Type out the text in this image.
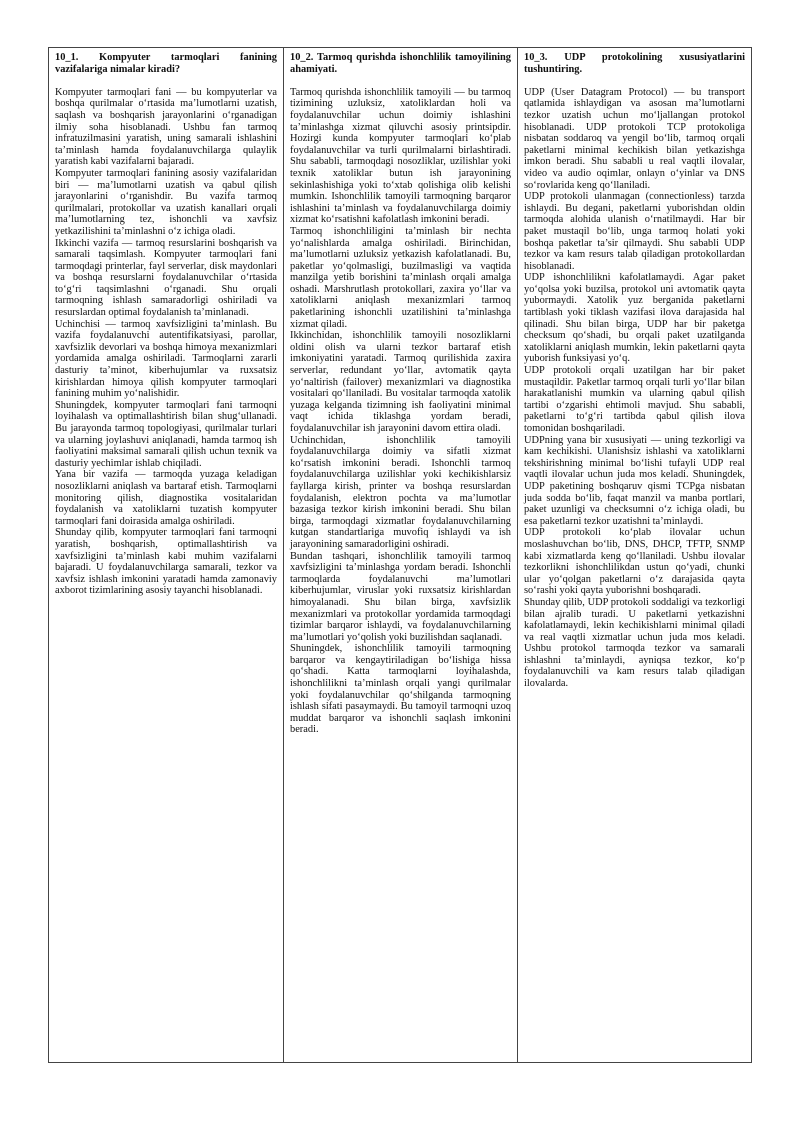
10_1. Kompyuter tarmoqlari fanining vazifalariga nimalar kiradi?

Kompyuter tarmoqlari fani — bu kompyuterlar va boshqa qurilmalar o‘rtasida ma’lumotlarni uzatish, saqlash va boshqarish jarayonlarini o‘rganadigan ilmiy soha hisoblanadi. Ushbu fan tarmoq infratuzilmasini yaratish, uning samarali ishlashini ta’minlash hamda foydalanuvchilarga qulaylik yaratish kabi vazifalarni bajaradi.

Kompyuter tarmoqlari fanining asosiy vazifalaridan biri — ma’lumotlarni uzatish va qabul qilish jarayonlarini o‘rganishdir. Bu vazifa tarmoq qurilmalari, protokollar va uzatish kanallari orqali ma’lumotlarning tez, ishonchli va xavfsiz yetkazilishini ta’minlashni o‘z ichiga oladi.

Ikkinchi vazifa — tarmoq resurslarini boshqarish va samarali taqsimlash. Kompyuter tarmoqlari fani tarmoqdagi printerlar, fayl serverlar, disk maydonlari va boshqa resurslarni foydalanuvchilar o‘rtasida to‘g‘ri taqsimlashni o‘rganadi. Shu orqali tarmoqning ishlash samaradorligi oshiriladi va resurslardan optimal foydalanish ta’minlanadi.

Uchinchisi — tarmoq xavfsizligini ta’minlash. Bu vazifa foydalanuvchi autentifikatsiyasi, parollar, xavfsizlik devorlari va boshqa himoya mexanizmlari yordamida amalga oshiriladi. Tarmoqlarni zararli dasturiy ta’minot, kiberhujumlar va ruxsatsiz kirishlardan himoya qilish kompyuter tarmoqlari fanining muhim yo‘nalishidir.

Shuningdek, kompyuter tarmoqlari fani tarmoqni loyihalash va optimallashtirish bilan shug‘ullanadi. Bu jarayonda tarmoq topologiyasi, qurilmalar turlari va ularning joylashuvi aniqlanadi, hamda tarmoq ish faoliyatini maksimal samarali qilish uchun texnik va dasturiy yechimlar ishlab chiqiladi.

Yana bir vazifa — tarmoqda yuzaga keladigan nosozliklarni aniqlash va bartaraf etish. Tarmoqlarni monitoring qilish, diagnostika vositalaridan foydalanish va xatoliklarni tuzatish kompyuter tarmoqlari fani doirasida amalga oshiriladi.

Shunday qilib, kompyuter tarmoqlari fani tarmoqni yaratish, boshqarish, optimallashtirish va xavfsizligini ta’minlash kabi muhim vazifalarni bajaradi. U foydalanuvchilarga samarali, tezkor va xavfsiz ishlash imkonini yaratadi hamda zamonaviy axborot tizimlarining asosiy tayanchi hisoblanadi.

10_2. Tarmoq qurishda ishonchlilik tamoyilining ahamiyati.

Tarmoq qurishda ishonchlilik tamoyili — bu tarmoq tizimining uzluksiz, xatoliklardan holi va foydalanuvchilar uchun doimiy ishlashini ta’minlashga xizmat qiluvchi asosiy printsipdir. Hozirgi kunda kompyuter tarmoqlari ko‘plab foydalanuvchilar va turli qurilmalarni birlashtiradi. Shu sababli, tarmoqdagi nosozliklar, uzilishlar yoki texnik xatoliklar butun ish jarayonining sekinlashishiga yoki to‘xtab qolishiga olib kelishi mumkin. Ishonchlilik tamoyili tarmoqning barqaror ishlashini ta’minlash va foydalanuvchilarga doimiy xizmat ko‘rsatishni kafolatlash imkonini beradi.

Tarmoq ishonchliligini ta’minlash bir nechta yo‘nalishlarda amalga oshiriladi. Birinchidan, ma’lumotlarni uzluksiz yetkazish kafolatlanadi. Bu, paketlar yo‘qolmasligi, buzilmasligi va vaqtida manzilga yetib borishini ta’minlash orqali amalga oshadi. Marshrutlash protokollari, zaxira yo‘llar va xatoliklarni aniqlash mexanizmlari tarmoq paketlarining ishonchli uzatilishini ta’minlashga xizmat qiladi.

Ikkinchidan, ishonchlilik tamoyili nosozliklarni oldini olish va ularni tezkor bartaraf etish imkoniyatini yaratadi. Tarmoq qurilishida zaxira serverlar, redundant yo‘llar, avtomatik qayta yo‘naltirish (failover) mexanizmlari va diagnostika vositalari qo‘llaniladi. Bu vositalar tarmoqda xatolik yuzaga kelganda tizimning ish faoliyatini minimal vaqt ichida tiklashga yordam beradi, foydalanuvchilar ish jarayonini davom ettira oladi.

Uchinchidan, ishonchlilik tamoyili foydalanuvchilarga doimiy va sifatli xizmat ko‘rsatish imkonini beradi. Ishonchli tarmoq foydalanuvchilarga uzilishlar yoki kechikishlarsiz fayllarga kirish, printer va boshqa resurslardan foydalanish, elektron pochta va ma’lumotlar bazasiga tezkor kirish imkonini beradi. Shu bilan birga, tarmoqdagi xizmatlar foydalanuvchilarning kutgan standartlariga muvofiq ishlaydi va ish jarayonining samaradorligini oshiradi.

Bundan tashqari, ishonchlilik tamoyili tarmoq xavfsizligini ta’minlashga yordam beradi. Ishonchli tarmoqlarda foydalanuvchi ma’lumotlari kiberhujumlar, viruslar yoki ruxsatsiz kirishlardan himoyalanadi. Shu bilan birga, xavfsizlik mexanizmlari va protokollar yordamida tarmoqdagi tizimlar barqaror ishlaydi, va foydalanuvchilarning ma’lumotlari yo‘qolish yoki buzilishdan saqlanadi.

Shuningdek, ishonchlilik tamoyili tarmoqning barqaror va kengaytiriladigan bo‘lishiga hissa qo‘shadi. Katta tarmoqlarni loyihalashda, ishonchlilikni ta’minlash orqali yangi qurilmalar yoki foydalanuvchilar qo‘shilganda tarmoqning ishlash sifati pasaymaydi. Bu tamoyil tarmoqni uzoq muddat barqaror va ishonchli saqlash imkonini beradi.

10_3. UDP protokolining xususiyatlarini tushuntiring.

UDP (User Datagram Protocol) — bu transport qatlamida ishlaydigan va asosan ma’lumotlarni tezkor uzatish uchun mo‘ljallangan protokol hisoblanadi. UDP protokoli TCP protokoliga nisbatan soddaroq va yengil bo‘lib, tarmoq orqali paketlarni minimal kechikish bilan yetkazishga imkon beradi. Shu sababli u real vaqtli ilovalar, video va audio oqimlar, onlayn o‘yinlar va DNS so‘rovlarida keng qo‘llaniladi.

UDP protokoli ulanmagan (connectionless) tarzda ishlaydi. Bu degani, paketlarni yuborishdan oldin tarmoqda alohida ulanish o‘rnatilmaydi. Har bir paket mustaqil bo‘lib, unga tarmoq holati yoki boshqa paketlar ta’sir qilmaydi. Shu sababli UDP tezkor va kam resurs talab qiladigan protokollardan hisoblanadi.

UDP ishonchlilikni kafolatlamaydi. Agar paket yo‘qolsa yoki buzilsa, protokol uni avtomatik qayta yubormaydi. Xatolik yuz berganida paketlarni tartiblash yoki tiklash vazifasi ilova darajasida hal qilinadi. Shu bilan birga, UDP har bir paketga checksum qo‘shadi, bu orqali paket uzatilganda xatoliklarni aniqlash mumkin, lekin paketlarni qayta yuborish funksiyasi yo‘q.

UDP protokoli orqali uzatilgan har bir paket mustaqildir. Paketlar tarmoq orqali turli yo‘llar bilan harakatlanishi mumkin va ularning qabul qilish tartibi o‘zgarishi ehtimoli mavjud. Shu sababli, paketlarni to‘g‘ri tartibda qabul qilish ilova tomonidan boshqariladi.

UDPning yana bir xususiyati — uning tezkorligi va kam kechikishi. Ulanishsiz ishlashi va xatoliklarni tekshirishning minimal bo‘lishi tufayli UDP real vaqtli ilovalar uchun juda mos keladi. Shuningdek, UDP paketining boshqaruv qismi TCPga nisbatan juda sodda bo‘lib, faqat manzil va manba portlari, paket uzunligi va checksumni o‘z ichiga oladi, bu esa paketlarni tezkor uzatishni ta’minlaydi.

UDP protokoli ko‘plab ilovalar uchun moslashuvchan bo‘lib, DNS, DHCP, TFTP, SNMP kabi xizmatlarda keng qo‘llaniladi. Ushbu ilovalar tezkorlikni ishonchlilikdan ustun qo‘yadi, chunki ular yo‘qolgan paketlarni o‘z darajasida qayta so‘rashi yoki qayta yuborishni boshqaradi.

Shunday qilib, UDP protokoli soddaligi va tezkorligi bilan ajralib turadi. U paketlarni yetkazishni kafolatlamaydi, lekin kechikishlarni minimal qiladi va real vaqtli xizmatlar uchun juda mos keladi. Ushbu protokol tarmoqda tezkor va samarali ishlashni ta’minlaydi, ayniqsa tezkor, ko‘p foydalanuvchili va kam resurs talab qiladigan ilovalarda.
